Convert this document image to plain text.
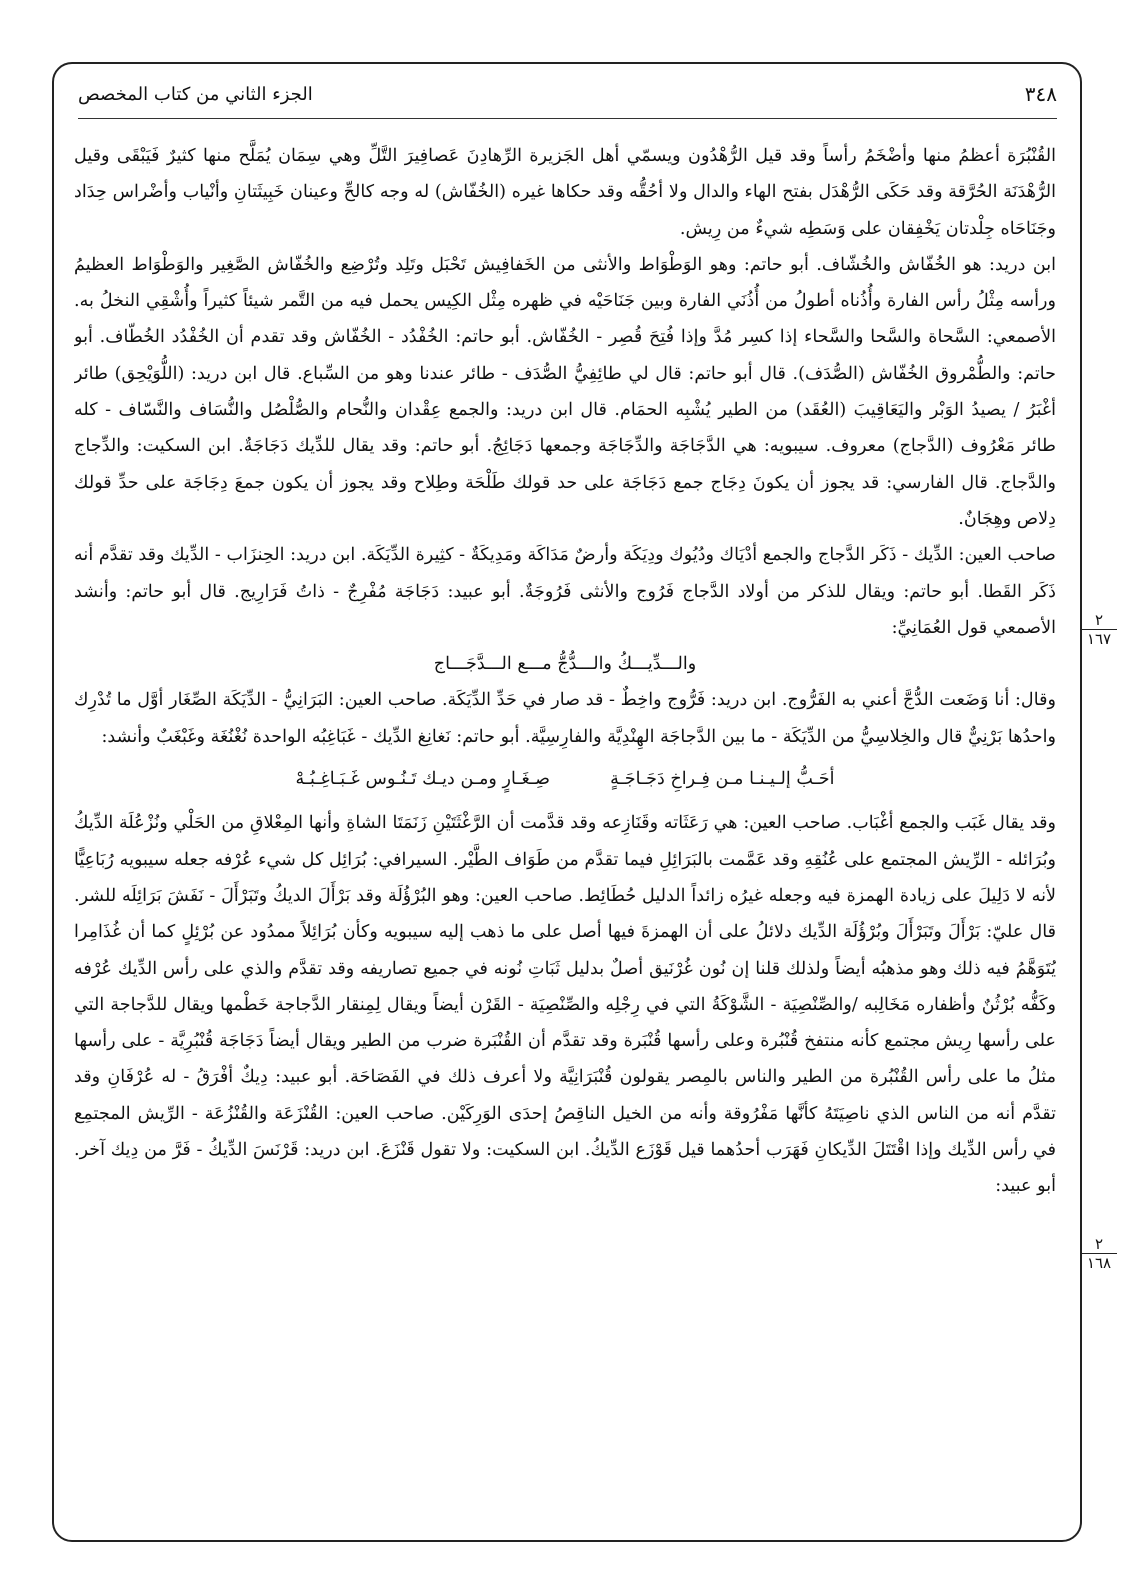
٣٤٨
الجزء الثاني من كتاب المخصص
٢
١٦٧
٢
١٦٨

القُنْبُرَة أعظمُ منها وأضْخَمُ رأساً وقد قيل الرُّهْدُون ويسمّي أهل الجَزيرة الرِّهادِنَ عَصافِيرَ التَّلِّ وهي سِمَان يُمَلَّح منها كثيرٌ فَيَبْقَى وقيل الرُّهْدَنَة الحُرَّقة وقد حَكَى الرُّهْدَل بفتح الهاء والدال ولا أحُقُّه وقد حكاها غيره (الخُفّاش) له وجه كالحِّ وعينان خَبِيثَتانِ وأنْياب وأضْراس حِدَاد وجَنَاحَاه جِلْدتان يَخْفِقان على وَسَطِه شيءٌ من رِيش.

ابن دريد: هو الخُفّاش والخُشّاف. أبو حاتم: وهو الوَطْوَاط والأنثى من الخَفافِيش تَحْبَل وتَلِد وتُرْضِع والخُفّاش الصَّغِير والوَطْوَاط العظيمُ ورأسه مِثْلُ رأس الفارة وأُذُناه أطولُ من أُذُنَي الفارة وبين جَنَاحَيْه في ظهره مِثْل الكِيس يحمل فيه من التَّمر شيئاً كثيراً وأُشْقِي النخلُ به. الأصمعي: السَّحاة والسَّحا والسَّحاء إذا كسِر مُدَّ وإذا فُتِحَ قُصِر - الخُفّاش. أبو حاتم: الخُفْدُد - الخُفّاش وقد تقدم أن الخُفْدُد الخُطّاف. أبو حاتم: والطُّمْروق الخُفّاش (الصُّدَف). قال أبو حاتم: قال لي طائِفِيُّ الصُّدَف - طائر عندنا وهو من السِّباع. قال ابن دريد: (اللُّوَيْحِق) طائر أغْبَرُ / يصيدُ الوَبْر واليَعَاقِيبَ (العُقَد) من الطير يُشْبِه الحمَام. قال ابن دريد: والجمع عِقْدان والنُّحام والصُّلْصُل والنُّسَاف والنَّسّاف - كله طائر مَعْرُوف (الدَّجاج) معروف. سيبويه: هي الدَّجَاجَة والدِّجَاجَة وجمعها دَجَائِجُ. أبو حاتم: وقد يقال للدِّيك دَجَاجَةٌ. ابن السكيت: والدِّجاج والدَّجاج. قال الفارسي: قد يجوز أن يكونَ دِجَاج جمع دَجَاجَة على حد قولك طَلْحَة وطِلاح وقد يجوز أن يكون جمعَ دِجَاجَة على حدِّ قولك دِلاص وهِجَانٌ.

صاحب العين: الدِّيك - ذَكَر الدَّجاج والجمع أدْيَاك ودُيُوك ودِيَكَة وأرضٌ مَدَاكَة ومَدِيكَةٌ - كثِيرة الدِّيَكَة. ابن دريد: الحِنزَاب - الدِّيك وقد تقدَّم أنه ذَكَر القَطا. أبو حاتم: ويقال للذكر من أولاد الدَّجاج فَرُوج والأنثى فَرُوجَةٌ. أبو عبيد: دَجَاجَة مُفْرِجٌ - ذاتُ فَرَارِيج. قال أبو حاتم: وأنشد الأصمعي قول العُمَانِيِّ:

والـــدِّيـــكُ والـــدُّجُّ مـــع الـــدَّجَـــاج

وقال: أنا وَضَعت الدُّجَّ أعني به الفَرُّوج. ابن دريد: فَرُّوج واخِطٌ - قد صار في حَدِّ الدِّيَكَة. صاحب العين: البَرَانِيُّ - الدِّيَكَة الصِّغَار أوَّل ما تُدْرِك واحدُها بَرْنِيٌّ قال والخِلاسِيُّ من الدِّيَكَة - ما بين الدَّجاجَة الهِنْدِيَّة والفارِسِيَّة. أبو حاتم: نَغانِغ الدِّيك - غَبَاغِبُه الواحدة نُغْنُغَة وغَبْغَبٌ وأنشد:

أحَـبُّ إلـيـنـا مـن فِـراخِ دَجَـاجَـةٍ
صِـغَـارٍ ومـن ديـك تَـنُـوس غَـبَـاغِـبُـهْ

وقد يقال غَبَب والجمع أغْبَاب. صاحب العين: هي رَعَثَاته وقَنَازِعه وقد قدَّمت أن الرَّغْثَتَيْنِ زَنَمَتَا الشاةِ وأنها المِعْلاقِ من الحَلْي ونُزْعُلَة الدِّيكُ وبُرَائله - الرِّيش المجتمع على عُنُقِهِ وقد عَمَّمت بالبَرَائِلِ فيما تقدَّم من طَوَاف الطَّيْر. السيرافي: بُرَائِل كل شيء عُرْفه جعله سيبويه رُبَاعِيًّا لأنه لا دَلِيلَ على زيادة الهمزة فيه وجعله غيرُه زائداً الدليل حُطَائِط. صاحب العين: وهو البُرْؤُلَة وقد بَرْأَلَ الديكُ وتَبَرْأَلَ - نَفَشَ بَرَائِلَه للشر. قال عليّ: بَرْأَلَ وتَبَرْأَلَ وبُرْؤُلَة الدِّيك دلائلُ على أن الهمزةَ فيها أصل على ما ذهب إليه سيبويه وكأن بُرَائِلاً ممدُود عن بُرْئِلٍ كما أن غُذَامِرا يُتَوَهَّمُ فيه ذلك وهو مذهبُه أيضاً ولذلك قلنا إن نُون غُرْنَيق أصلٌ بدليل ثَبَاتِ نُونه في جميع تصاريفه وقد تقدَّم والذي على رأس الدِّيك عُرْفه وكَفُّه بُرْثُنٌ وأظفاره مَخَالِبه /والصِّنْصِيَة - الشَّوْكَةُ التي في رِجْلِه والصِّنْصِيَة - القَرْن أيضاً ويقال لِمِنقار الدَّجاجة خَطْمها ويقال للدَّجاجة التي على رأسها رِيش مجتمع كأنه منتفخ قُنْبُرة وعلى رأسها قُنْبَرة وقد تقدَّم أن القُنْبَرة ضرب من الطير ويقال أيضاً دَجَاجَة قُنْبُرِيَّة - على رأسها مثلُ ما على رأس القُنْبُرة من الطير والناس بالمِصر يقولون قُنْبَرَانِيَّة ولا أعرف ذلك في الفَصَاحَة. أبو عبيد: دِيكٌ أفْرَقُ - له عُرْفَانِ وقد تقدَّم أنه من الناس الذي ناصِيَتَهُ كأنَّها مَفْرُوقة وأنه من الخيل الناقِصُ إحدَى الوَرِكَيْن. صاحب العين: القُنْزَعَة والقُنْزُعَة - الرِّيش المجتمِع في رأس الدِّيك وإذا اقْتَتَلَ الدِّيكانِ فَهَرَب أحدُهما قيل قَوْزَع الدِّيكُ. ابن السكيت: ولا تقول قَنْزَعَ. ابن دريد: قَرْنَسَ الدِّيكُ - فَرَّ من دِيك آخر. أبو عبيد:
